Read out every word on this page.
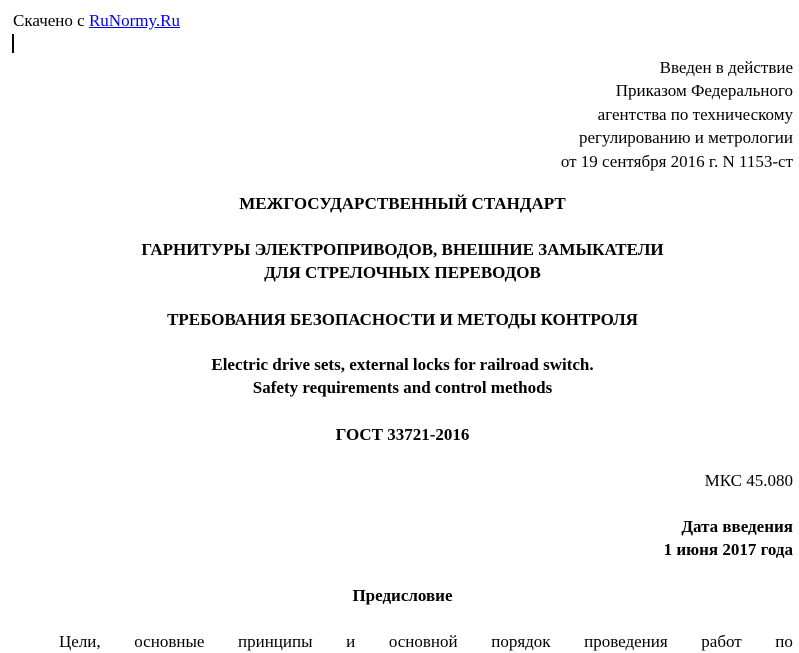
Скачено с RuNormy.Ru
Введен в действие
Приказом Федерального
агентства по техническому
регулированию и метрологии
от 19 сентября 2016 г. N 1153-ст
МЕЖГОСУДАРСТВЕННЫЙ СТАНДАРТ
ГАРНИТУРЫ ЭЛЕКТРОПРИВОДОВ, ВНЕШНИЕ ЗАМЫКАТЕЛИ
ДЛЯ СТРЕЛОЧНЫХ ПЕРЕВОДОВ
ТРЕБОВАНИЯ БЕЗОПАСНОСТИ И МЕТОДЫ КОНТРОЛЯ
Electric drive sets, external locks for railroad switch.
Safety requirements and control methods
ГОСТ 33721-2016
МКС 45.080
Дата введения
1 июня 2017 года
Предисловие
Цели, основные принципы и основной порядок проведения работ по
